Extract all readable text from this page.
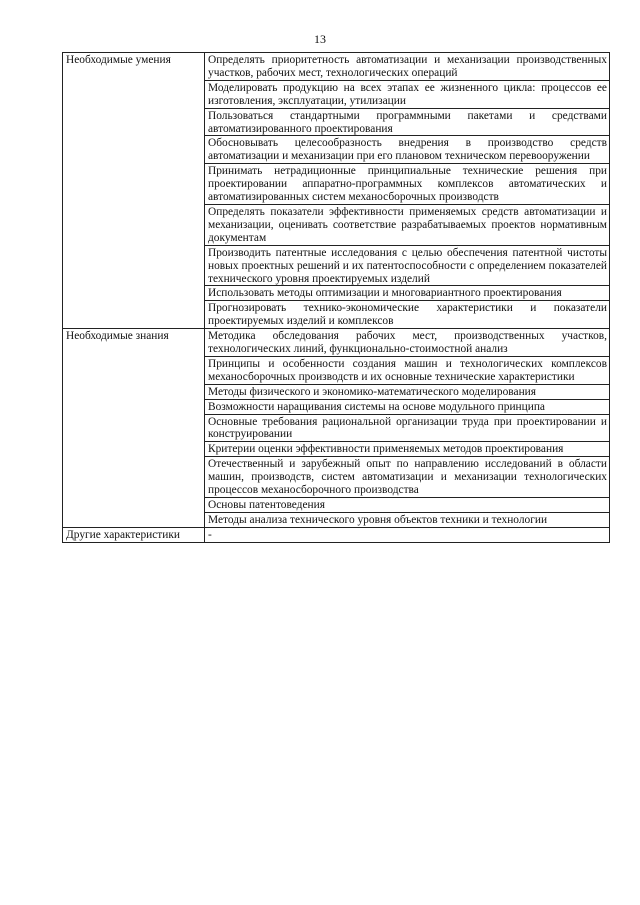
13
Необходимые умения	Определять приоритетность автоматизации и механизации производственных участков, рабочих мест, технологических операций
	Моделировать продукцию на всех этапах ее жизненного цикла: процессов ее изготовления, эксплуатации, утилизации
	Пользоваться стандартными программными пакетами и средствами автоматизированного проектирования
	Обосновывать целесообразность внедрения в производство средств автоматизации и механизации при его плановом техническом перевооружении
	Принимать нетрадиционные принципиальные технические решения при проектировании аппаратно-программных комплексов автоматических и автоматизированных систем механосборочных производств
	Определять показатели эффективности применяемых средств автоматизации и механизации, оценивать соответствие разрабатываемых проектов нормативным документам
	Производить патентные исследования с целью обеспечения патентной чистоты новых проектных решений и их патентоспособности с определением показателей технического уровня проектируемых изделий
	Использовать методы оптимизации и многовариантного проектирования
	Прогнозировать технико-экономические характеристики и показатели проектируемых изделий и комплексов
Необходимые знания	Методика обследования рабочих мест, производственных участков, технологических линий, функционально-стоимостной анализ
	Принципы и особенности создания машин и технологических комплексов механосборочных производств и их основные технические характеристики
	Методы физического и экономико-математического моделирования
	Возможности наращивания системы на основе модульного принципа
	Основные требования рациональной организации труда при проектировании и конструировании
	Критерии оценки эффективности применяемых методов проектирования
	Отечественный и зарубежный опыт по направлению исследований в области машин, производств, систем автоматизации и механизации технологических процессов механосборочного производства
	Основы патентоведения
	Методы анализа технического уровня объектов техники и технологии
Другие характеристики	-
